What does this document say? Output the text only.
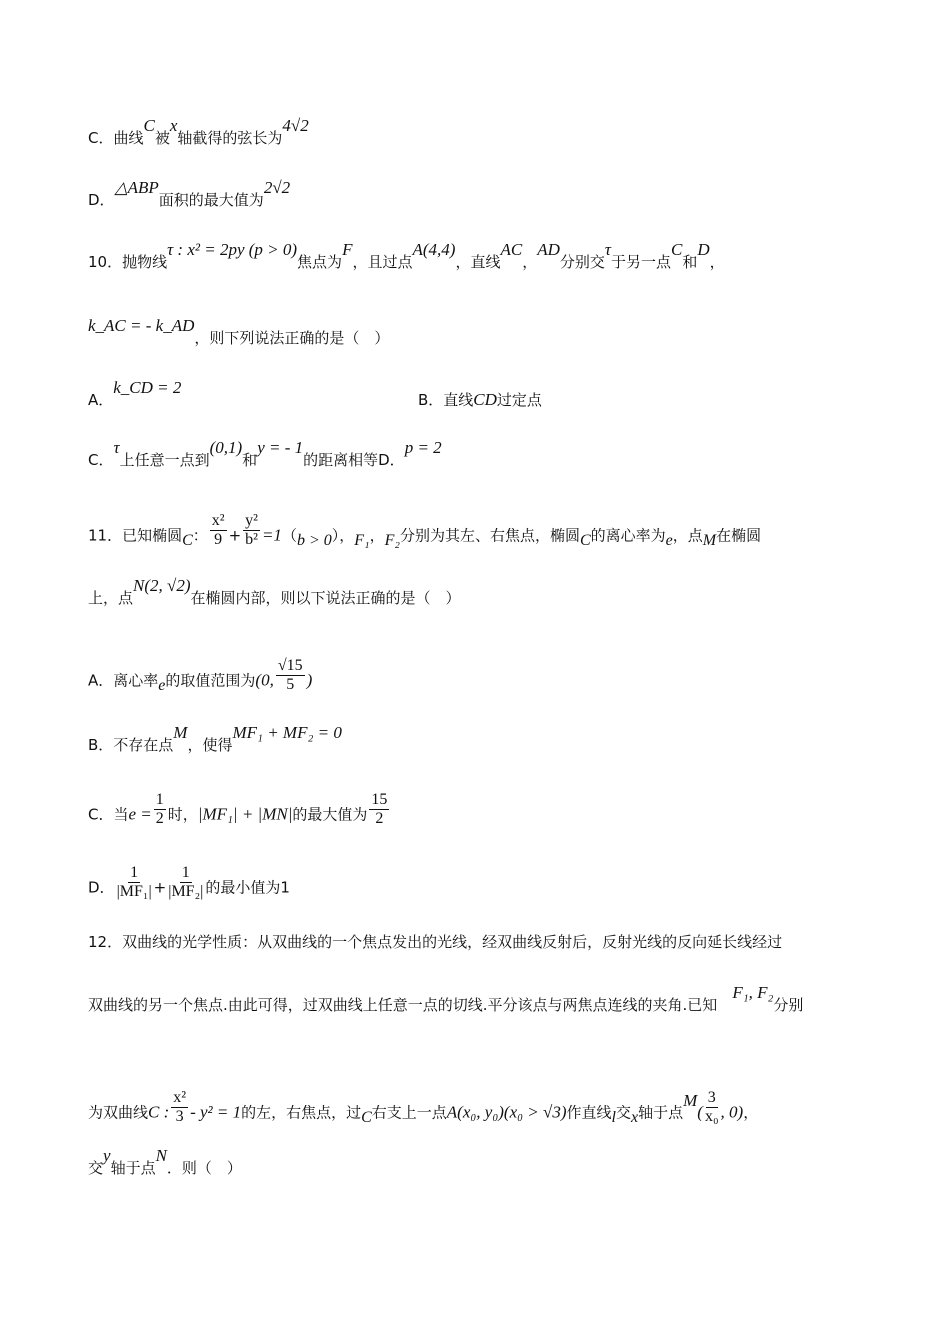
C．曲线C被x轴截得的弦长为4√2
D．△ABP面积的最大值为2√2
10．抛物线τ : x² = 2py (p > 0)焦点为F，且过点A(4,4)，直线AC，AD分别交τ于另一点C和D，
k_AC = - k_AD，则下列说法正确的是（　）
A．k_CD = 2
B．直线CD过定点
C．τ上任意一点到(0,1)和y = - 1的距离相等D．p = 2
11．已知椭圆C： $\frac{\text{x²}}{9} + \frac{\text{y²}}{\text{b²}} =1(b > 0)$，F₁，F₂分别为其左、右焦点，椭圆C的离心率为e，点M在椭圆
上，点N(2, √2)在椭圆内部，则以下说法正确的是（　）
A．离心率e的取值范围为(0, $\frac{√15}{5}$ )
B．不存在点M，使得MF₁ + MF₂ = 0
C．当$e = \frac{1}{2}$ 时，|MF₁| + |MN|的最大值为 $\frac{15}{2}$
D． $\frac{1}{\text{|MF₁|}} + \frac{1}{\text{|MF₂|}}$ 的最小值为1
12．双曲线的光学性质：从双曲线的一个焦点发出的光线，经双曲线反射后，反射光线的反向延长线经过
双曲线的另一个焦点.由此可得，过双曲线上任意一点的切线.平分该点与两焦点连线的夹角.已知　F₁, F₂分别
为双曲线C : $\frac{\text{x²}}{3} - y^2 = 1$的左，右焦点，过C右支上一点A(x₀, y₀)(x₀ > √3)作直线l交x轴于点$M( \frac{3}{\text{x₀}}$ , 0)，
交y轴于点N．则（　）
